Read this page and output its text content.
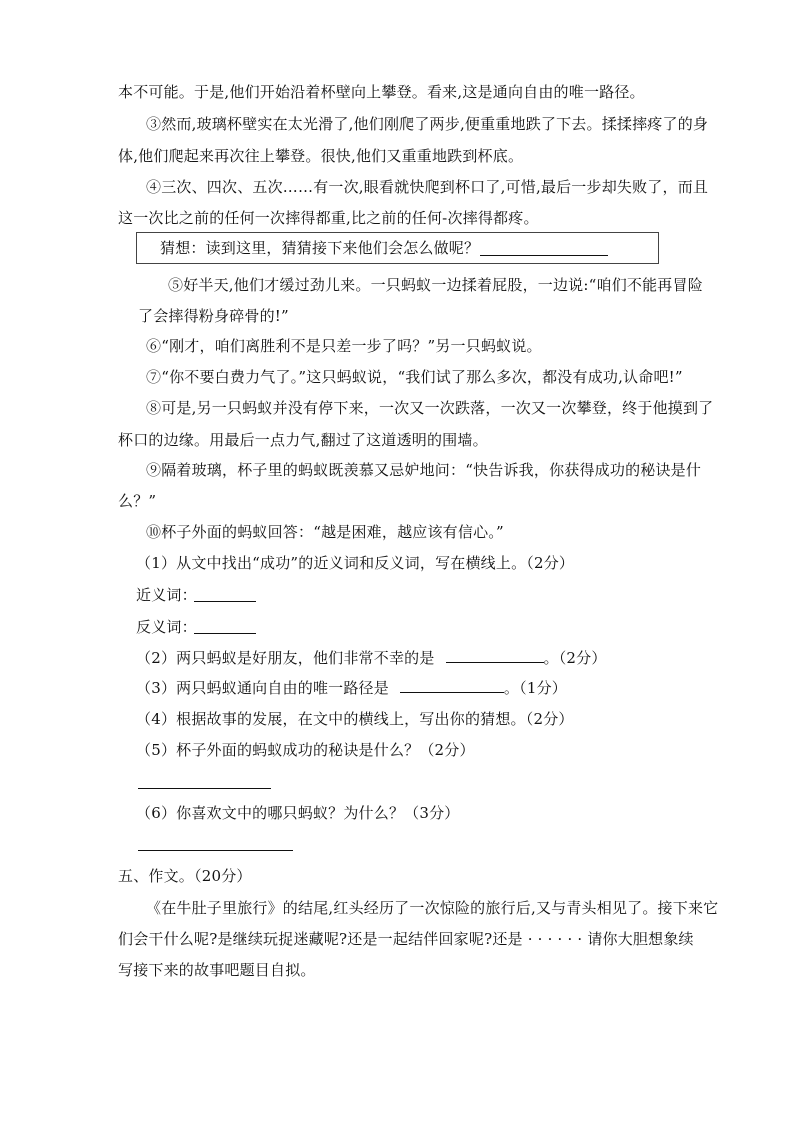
本不可能。于是,他们开始沿着杯壁向上攀登。看来,这是通向自由的唯一路径。
③然而,玻璃杯壁实在太光滑了,他们刚爬了两步,便重重地跌了下去。揉揉摔疼了的身
体,他们爬起来再次往上攀登。很快,他们又重重地跌到杯底。
④三次、四次、五次……有一次,眼看就快爬到杯口了,可惜,最后一步却失败了，而且
这一次比之前的任何一次摔得都重,比之前的任何-次摔得都疼。
猜想：读到这里，猜猜接下来他们会怎么做呢？
⑤好半天,他们才缓过劲儿来。一只蚂蚁一边揉着屁股，一边说:“咱们不能再冒险
了会摔得粉身碎骨的!”
⑥“刚才，咱们离胜利不是只差一步了吗？”另一只蚂蚁说。
⑦“你不要白费力气了。”这只蚂蚁说，“我们试了那么多次，都没有成功,认命吧!”
⑧可是,另一只蚂蚁并没有停下来，一次又一次跌落，一次又一次攀登，终于他摸到了
杯口的边缘。用最后一点力气,翻过了这道透明的围墙。
⑨隔着玻璃，杯子里的蚂蚁既羡慕又忌妒地问：“快告诉我，你获得成功的秘诀是什
么？”
⑩杯子外面的蚂蚁回答：“越是困难，越应该有信心。”
（1）从文中找出“成功”的近义词和反义词，写在横线上。（2分）
近义词：
反义词：
（2）两只蚂蚁是好朋友，他们非常不幸的是	。（2分）
（3）两只蚂蚁通向自由的唯一路径是	。（1分）
（4）根据故事的发展，在文中的横线上，写出你的猜想。（2分）
（5）杯子外面的蚂蚁成功的秘诀是什么？（2分）
（6）你喜欢文中的哪只蚂蚁？为什么？（3分）
五、作文。（20分）
《在牛肚子里旅行》的结尾,红头经历了一次惊险的旅行后,又与青头相见了。接下来它
们会干什么呢?是继续玩捉迷藏呢?还是一起结伴回家呢?还是 · · · · · · 请你大胆想象续
写接下来的故事吧题目自拟。
